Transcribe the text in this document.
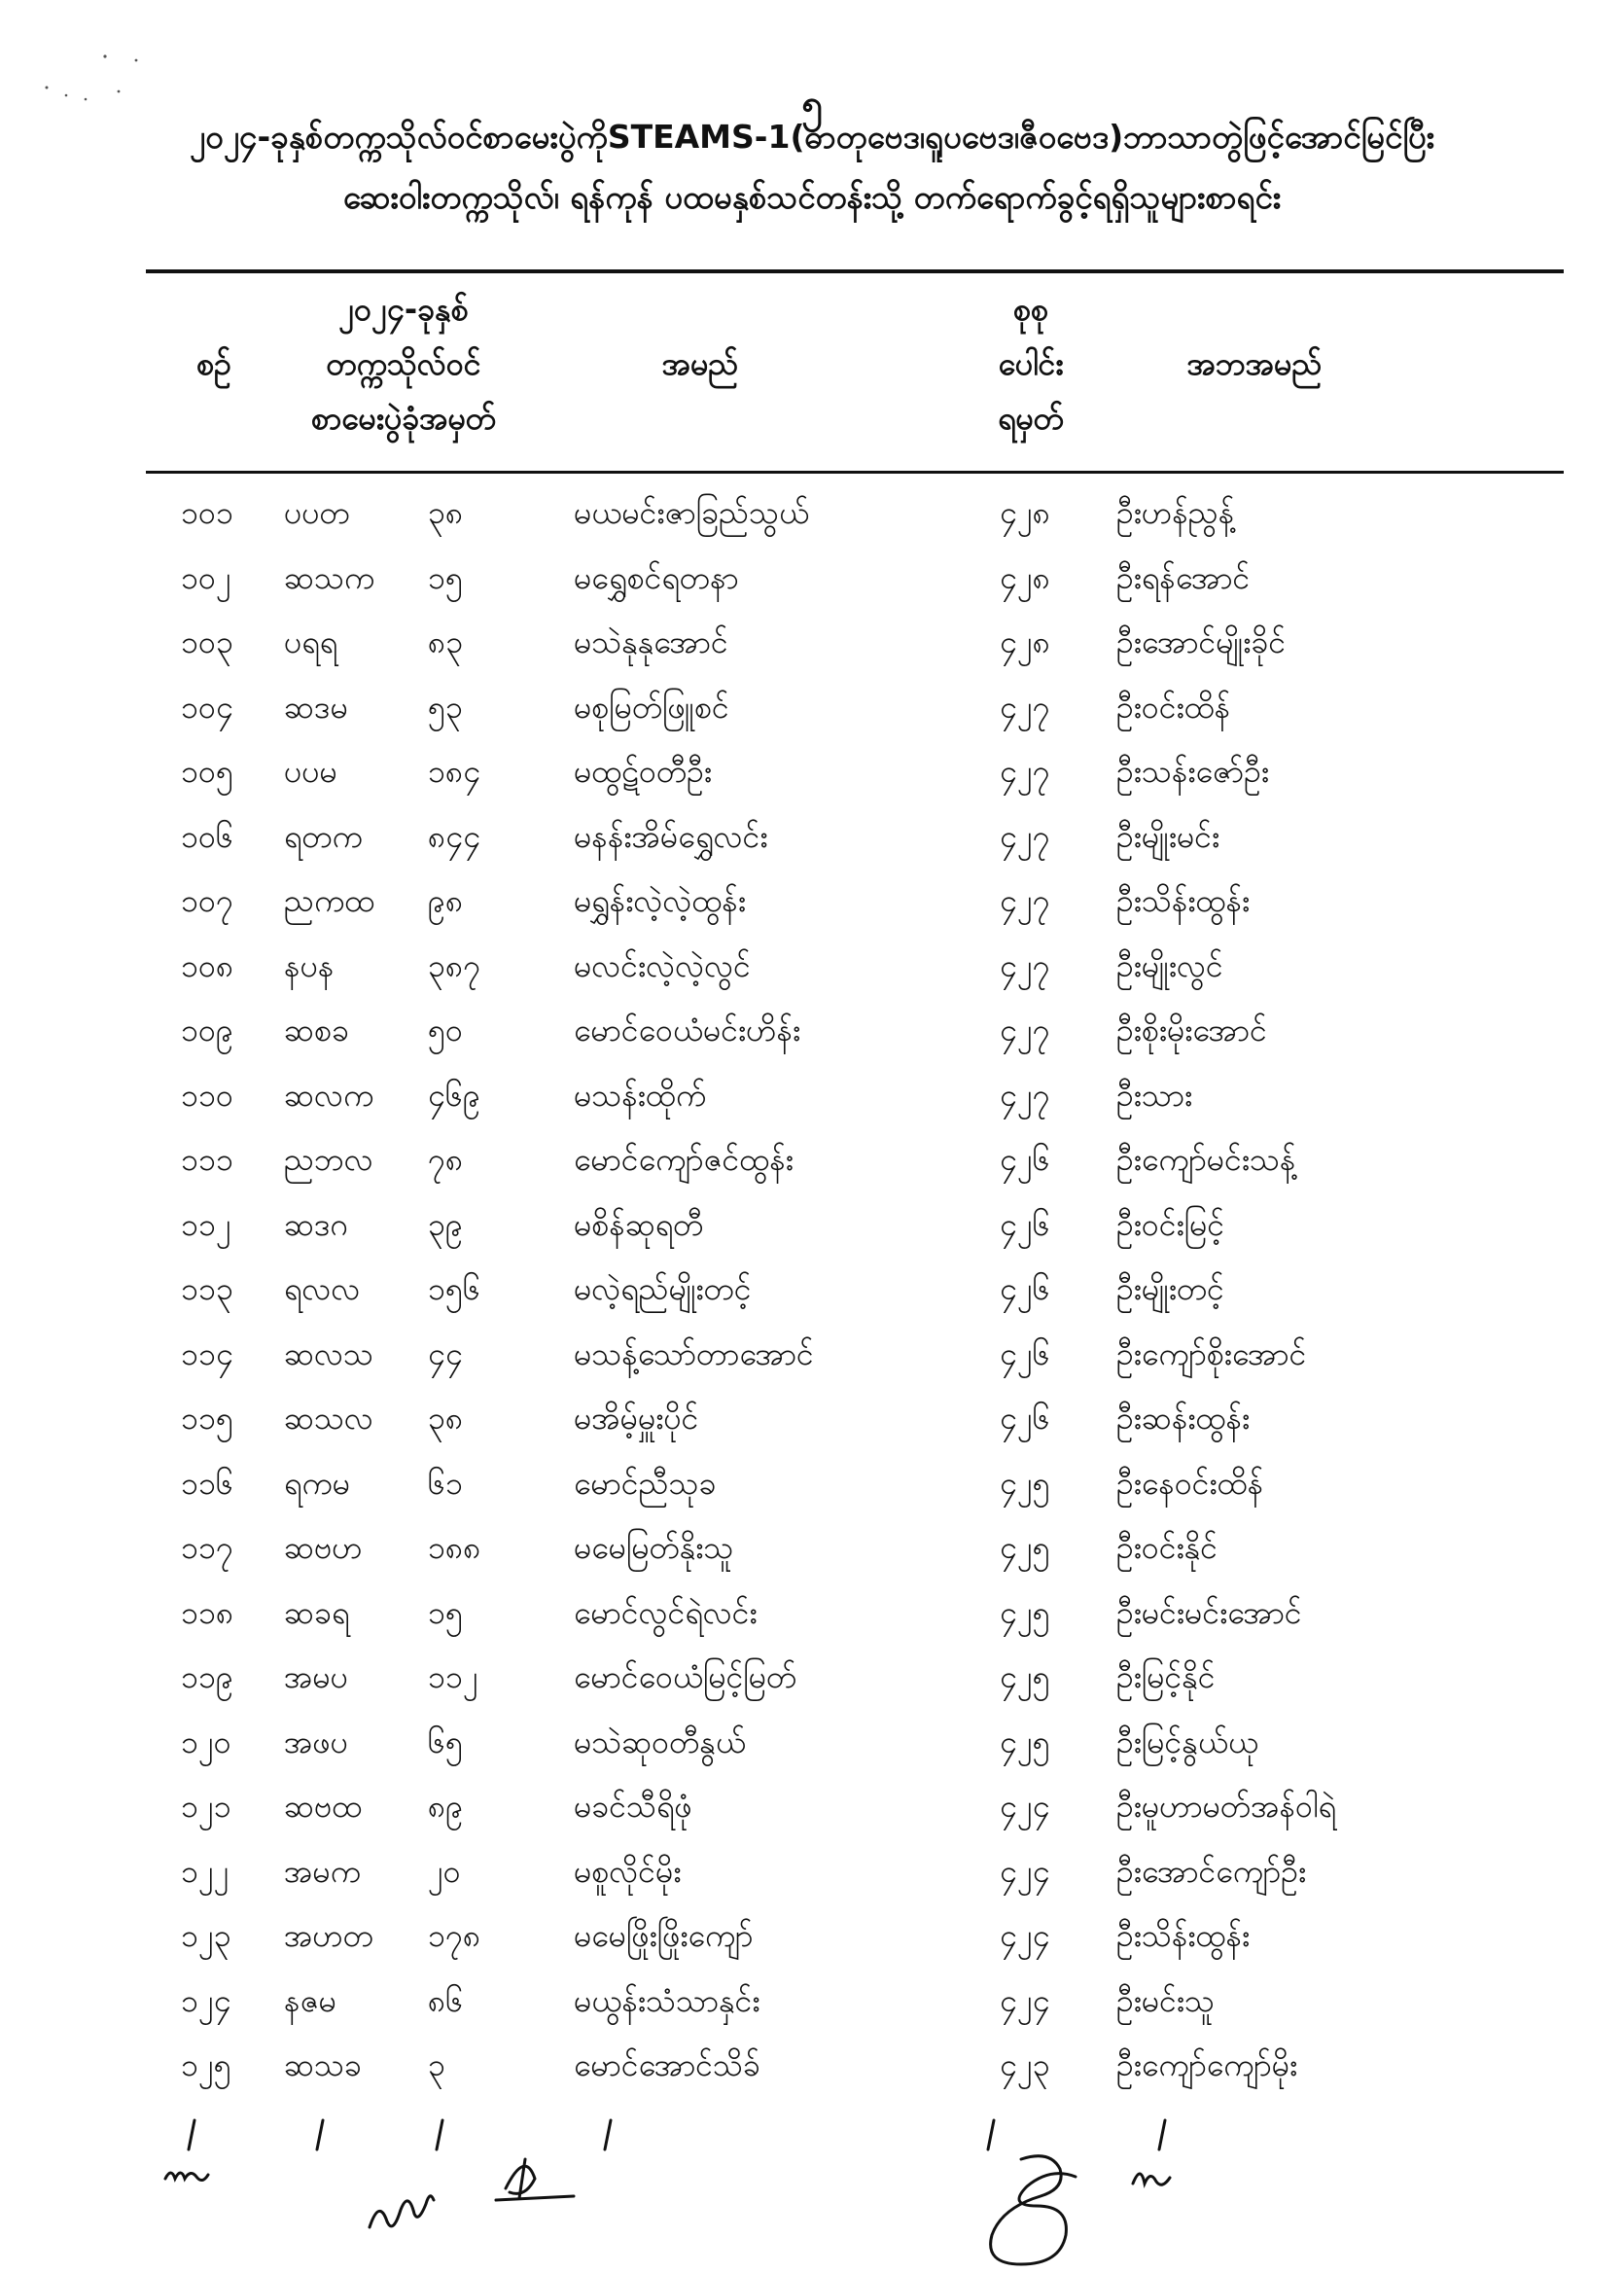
၅
၂၀၂၄-ခုနှစ်တက္ကသိုလ်ဝင်စာမေးပွဲကိုSTEAMS-1(ဓာတုဗေဒ၊ရူပဗေဒ၊ဇီဝဗေဒ)ဘာသာတွဲဖြင့်အောင်မြင်ပြီး
ဆေးဝါးတက္ကသိုလ်၊ ရန်ကုန် ပထမနှစ်သင်တန်းသို့ တက်ရောက်ခွင့်ရရှိသူများစာရင်း
စဉ်
၂၀၂၄-ခုနှစ်
တက္ကသိုလ်ဝင်
စာမေးပွဲခုံအမှတ်
အမည်
စုစု
ပေါင်း
ရမှတ်
အဘအမည်
၁၀၁ ပပတ	၃၈	မယမင်းဇာခြည်သွယ်	၄၂၈ ဦးဟန်ညွန့်
၁၀၂ ဆသက ၁၅	မရွှေစင်ရတနာ	၄၂၈ ဦးရန်အောင်
၁၀၃ ပရရ	၈၃	မသဲနုနုအောင်	၄၂၈ ဦးအောင်မျိုးခိုင်
၁၀၄ ဆဒမ	၅၃	မစုမြတ်ဖြူစင်	၄၂၇ ဦးဝင်းထိန်
၁၀၅ ပပမ	၁၈၄	မထွဋ်ဝတီဦး	၄၂၇ ဦးသန်းဇော်ဦး
၁၀၆ ရတက ၈၄၄	မနန်းအိမ်ရွှေလင်း	၄၂၇ ဦးမျိုးမင်း
၁၀၇ ညကထ ၉၈	မရွှန်းလဲ့လဲ့ထွန်း	၄၂၇ ဦးသိန်းထွန်း
၁၀၈ နပန	၃၈၇	မလင်းလဲ့လဲ့လွင်	၄၂၇ ဦးမျိုးလွင်
၁၀၉ ဆစခ	၅၀	မောင်ဝေယံမင်းဟိန်း	၄၂၇ ဦးစိုးမိုးအောင်
၁၁၀ ဆလက ၄၆၉	မသန်းထိုက်	၄၂၇ ဦးသား
၁၁၁ ညဘလ ၇၈	မောင်ကျော်ဇင်ထွန်း	၄၂၆ ဦးကျော်မင်းသန့်
၁၁၂ ဆဒဂ	၃၉	မစိန်ဆုရတီ	၄၂၆ ဦးဝင်းမြင့်
၁၁၃ ရလလ ၁၅၆	မလဲ့ရည်မျိုးတင့်	၄၂၆ ဦးမျိုးတင့်
၁၁၄ ဆလသ ၄၄	မသန့်သော်တာအောင်	၄၂၆ ဦးကျော်စိုးအောင်
၁၁၅ ဆသလ ၃၈	မအိမ့်မှူးပိုင်	၄၂၆ ဦးဆန်းထွန်း
၁၁၆ ရကမ	၆၁	မောင်ညီသုခ	၄၂၅ ဦးနေဝင်းထိန်
၁၁၇ ဆဗဟ ၁၈၈	မမေမြတ်နိုးသူ	၄၂၅ ဦးဝင်းနိုင်
၁၁၈ ဆခရ	၁၅	မောင်လွင်ရဲလင်း	၄၂၅ ဦးမင်းမင်းအောင်
၁၁၉ အမပ	၁၁၂	မောင်ဝေယံမြင့်မြတ်	၄၂၅ ဦးမြင့်နိုင်
၁၂၀ အဖပ	၆၅	မသဲဆုဝတီနွယ်	၄၂၅ ဦးမြင့်နွယ်ယု
၁၂၁ ဆဗထ ၈၉	မခင်သီရိဖုံ	၄၂၄ ဦးမူဟာမတ်အန်ဝါရဲ
၁၂၂ အမက ၂၀	မစူလိုင်မိုး	၄၂၄ ဦးအောင်ကျော်ဦး
၁၂၃ အဟတ ၁၇၈	မမေဖြိုးဖြိုးကျော်	၄၂၄ ဦးသိန်းထွန်း
၁၂၄ နဇမ	၈၆	မယွန်းသံသာနှင်း	၄၂၄ ဦးမင်းသူ
၁၂၅ ဆသခ ၃	မောင်အောင်သိခ်	၄၂၃ ဦးကျော်ကျော်မိုး
